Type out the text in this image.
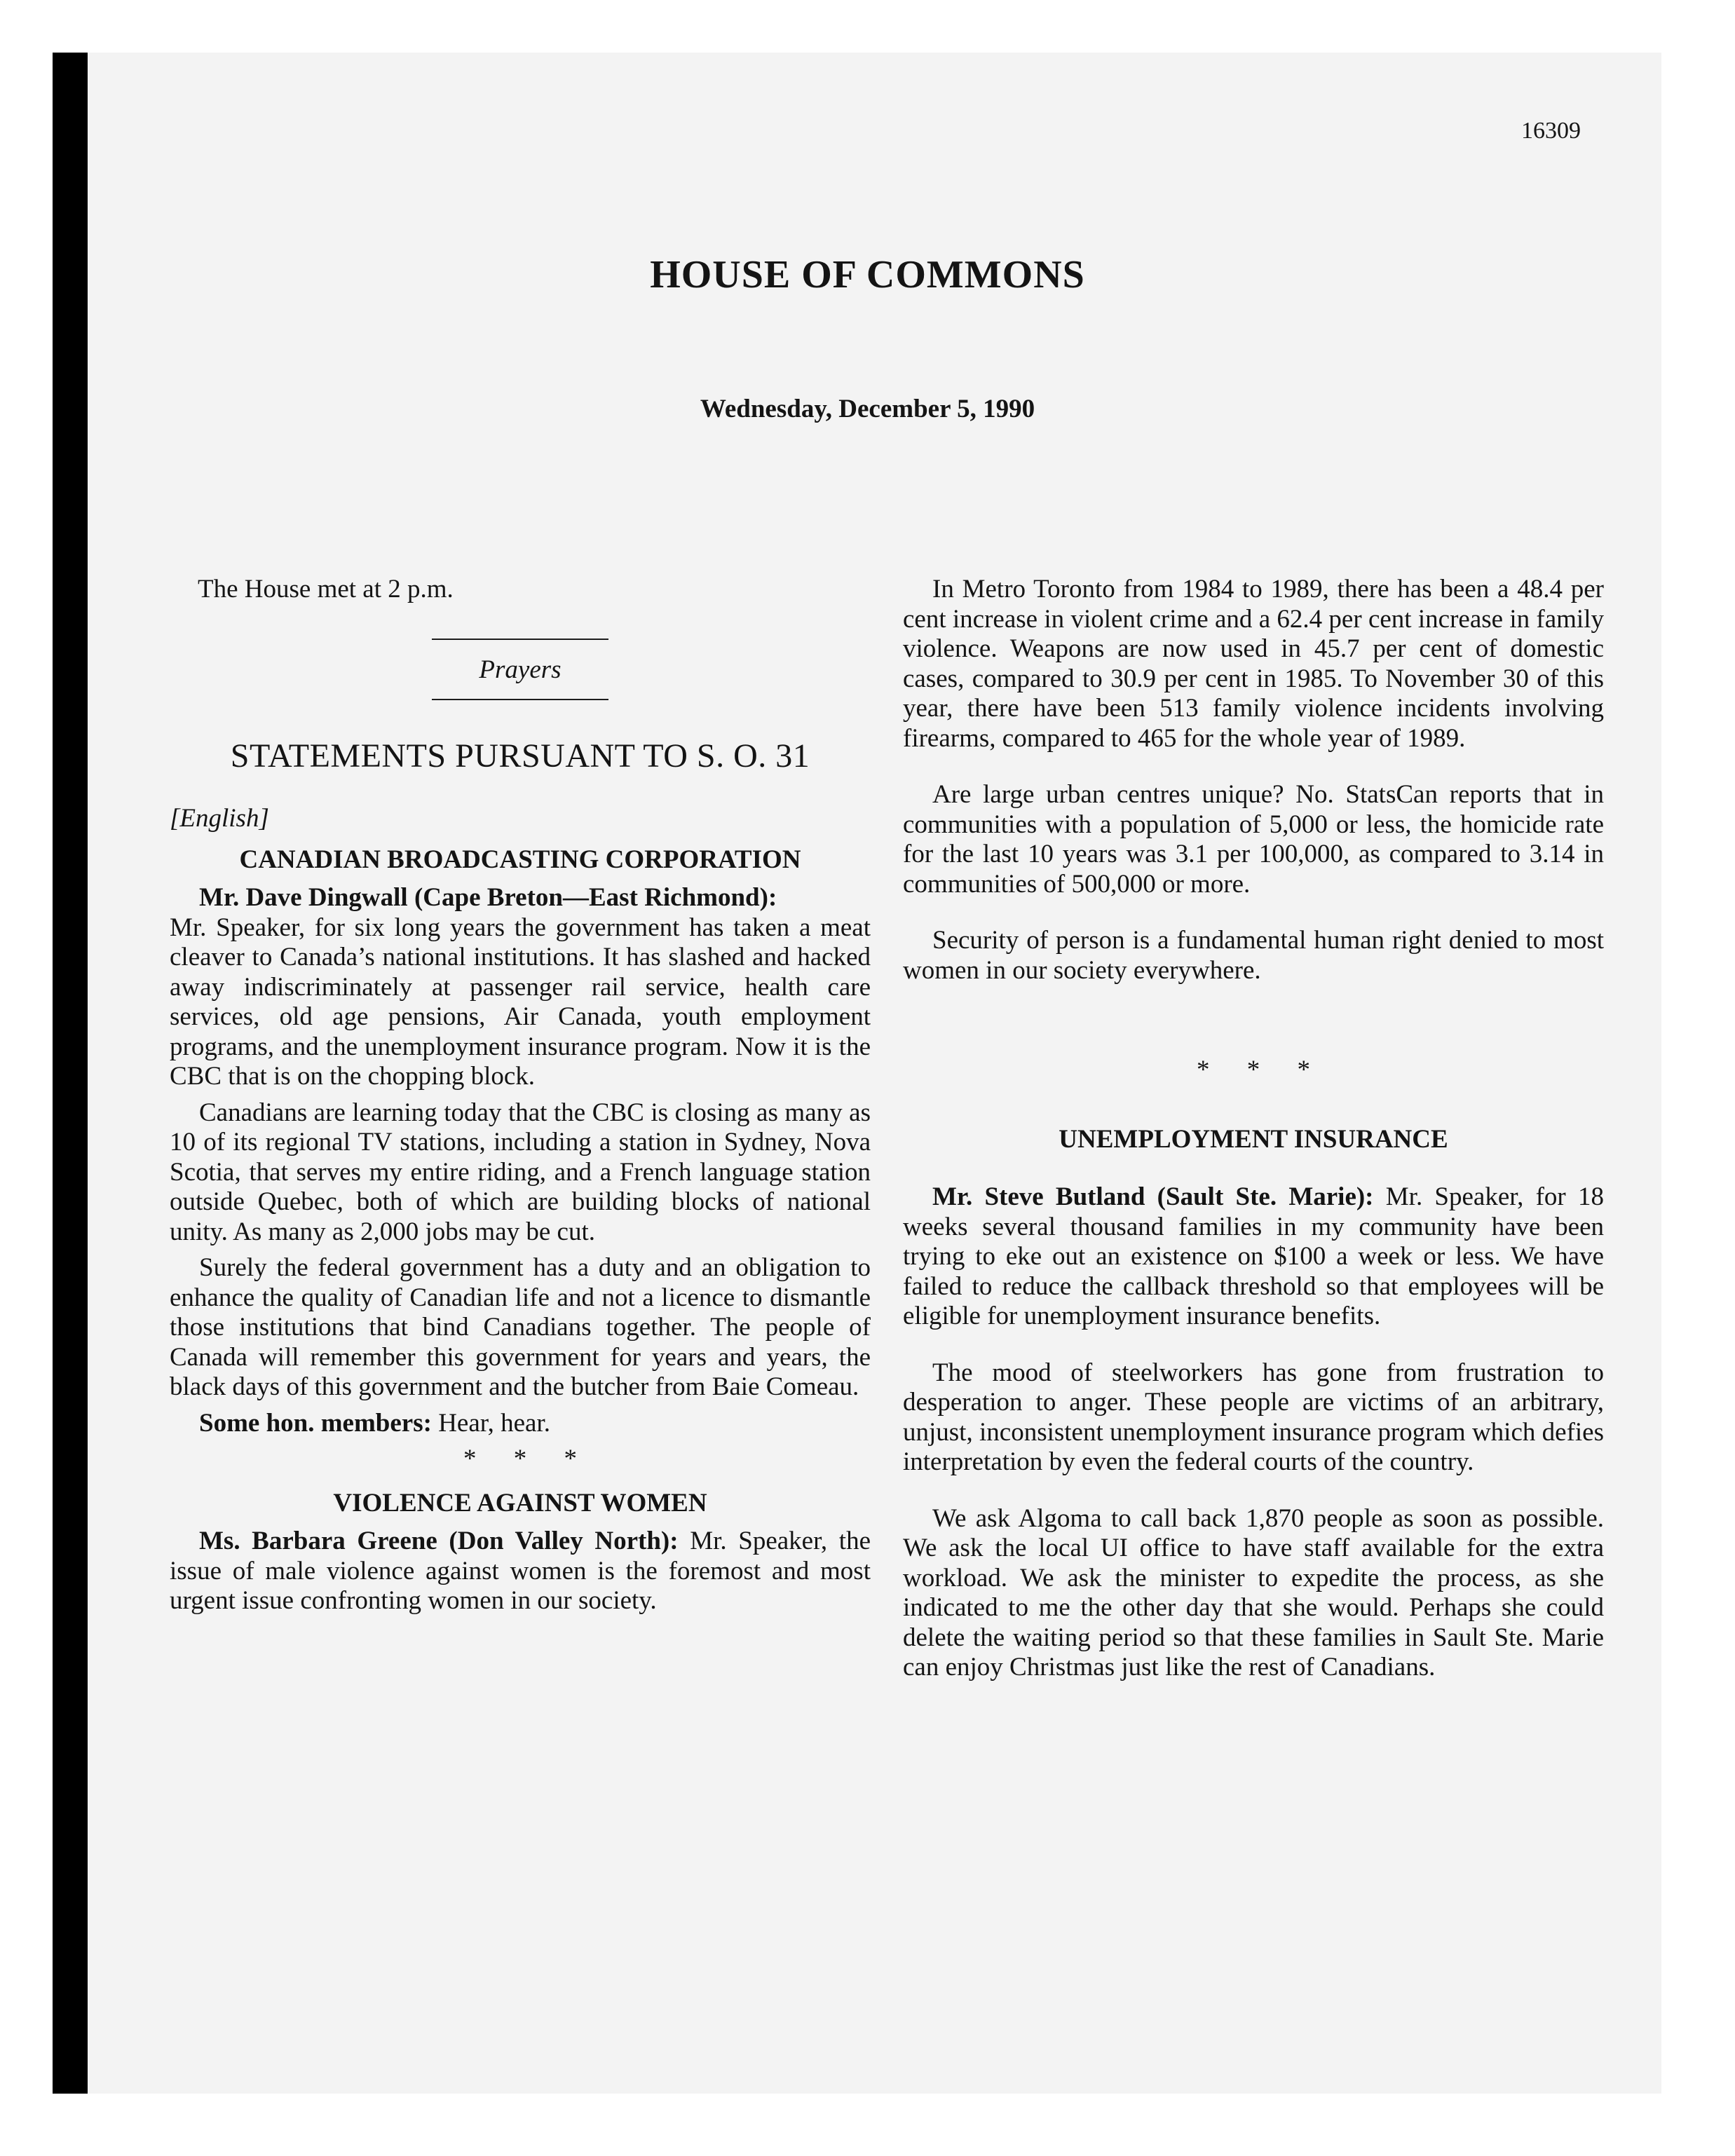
16309
HOUSE OF COMMONS
Wednesday, December 5, 1990

The House met at 2 p.m.

Prayers

STATEMENTS PURSUANT TO S. O. 31

[English]

CANADIAN BROADCASTING CORPORATION

Mr. Dave Dingwall (Cape Breton—East Richmond):

Mr. Speaker, for six long years the government has taken a meat cleaver to Canada’s national institutions. It has slashed and hacked away indiscriminately at passenger rail service, health care services, old age pensions, Air Canada, youth employment programs, and the unemployment insurance program. Now it is the CBC that is on the chopping block.

Canadians are learning today that the CBC is closing as many as 10 of its regional TV stations, including a station in Sydney, Nova Scotia, that serves my entire riding, and a French language station outside Quebec, both of which are building blocks of national unity. As many as 2,000 jobs may be cut.

Surely the federal government has a duty and an obligation to enhance the quality of Canadian life and not a licence to dismantle those institutions that bind Canadians together. The people of Canada will remember this government for years and years, the black days of this government and the butcher from Baie Comeau.

Some hon. members: Hear, hear.

* * *

VIOLENCE AGAINST WOMEN

Ms. Barbara Greene (Don Valley North): Mr. Speaker, the issue of male violence against women is the foremost and most urgent issue confronting women in our society.

In Metro Toronto from 1984 to 1989, there has been a 48.4 per cent increase in violent crime and a 62.4 per cent increase in family violence. Weapons are now used in 45.7 per cent of domestic cases, compared to 30.9 per cent in 1985. To November 30 of this year, there have been 513 family violence incidents involving firearms, compared to 465 for the whole year of 1989.

Are large urban centres unique? No. StatsCan reports that in communities with a population of 5,000 or less, the homicide rate for the last 10 years was 3.1 per 100,000, as compared to 3.14 in communities of 500,000 or more.

Security of person is a fundamental human right denied to most women in our society everywhere.

* * *

UNEMPLOYMENT INSURANCE

Mr. Steve Butland (Sault Ste. Marie): Mr. Speaker, for 18 weeks several thousand families in my community have been trying to eke out an existence on $100 a week or less. We have failed to reduce the callback threshold so that employees will be eligible for unemployment insurance benefits.

The mood of steelworkers has gone from frustration to desperation to anger. These people are victims of an arbitrary, unjust, inconsistent unemployment insurance program which defies interpretation by even the federal courts of the country.

We ask Algoma to call back 1,870 people as soon as possible. We ask the local UI office to have staff available for the extra workload. We ask the minister to expedite the process, as she indicated to me the other day that she would. Perhaps she could delete the waiting period so that these families in Sault Ste. Marie can enjoy Christmas just like the rest of Canadians.
